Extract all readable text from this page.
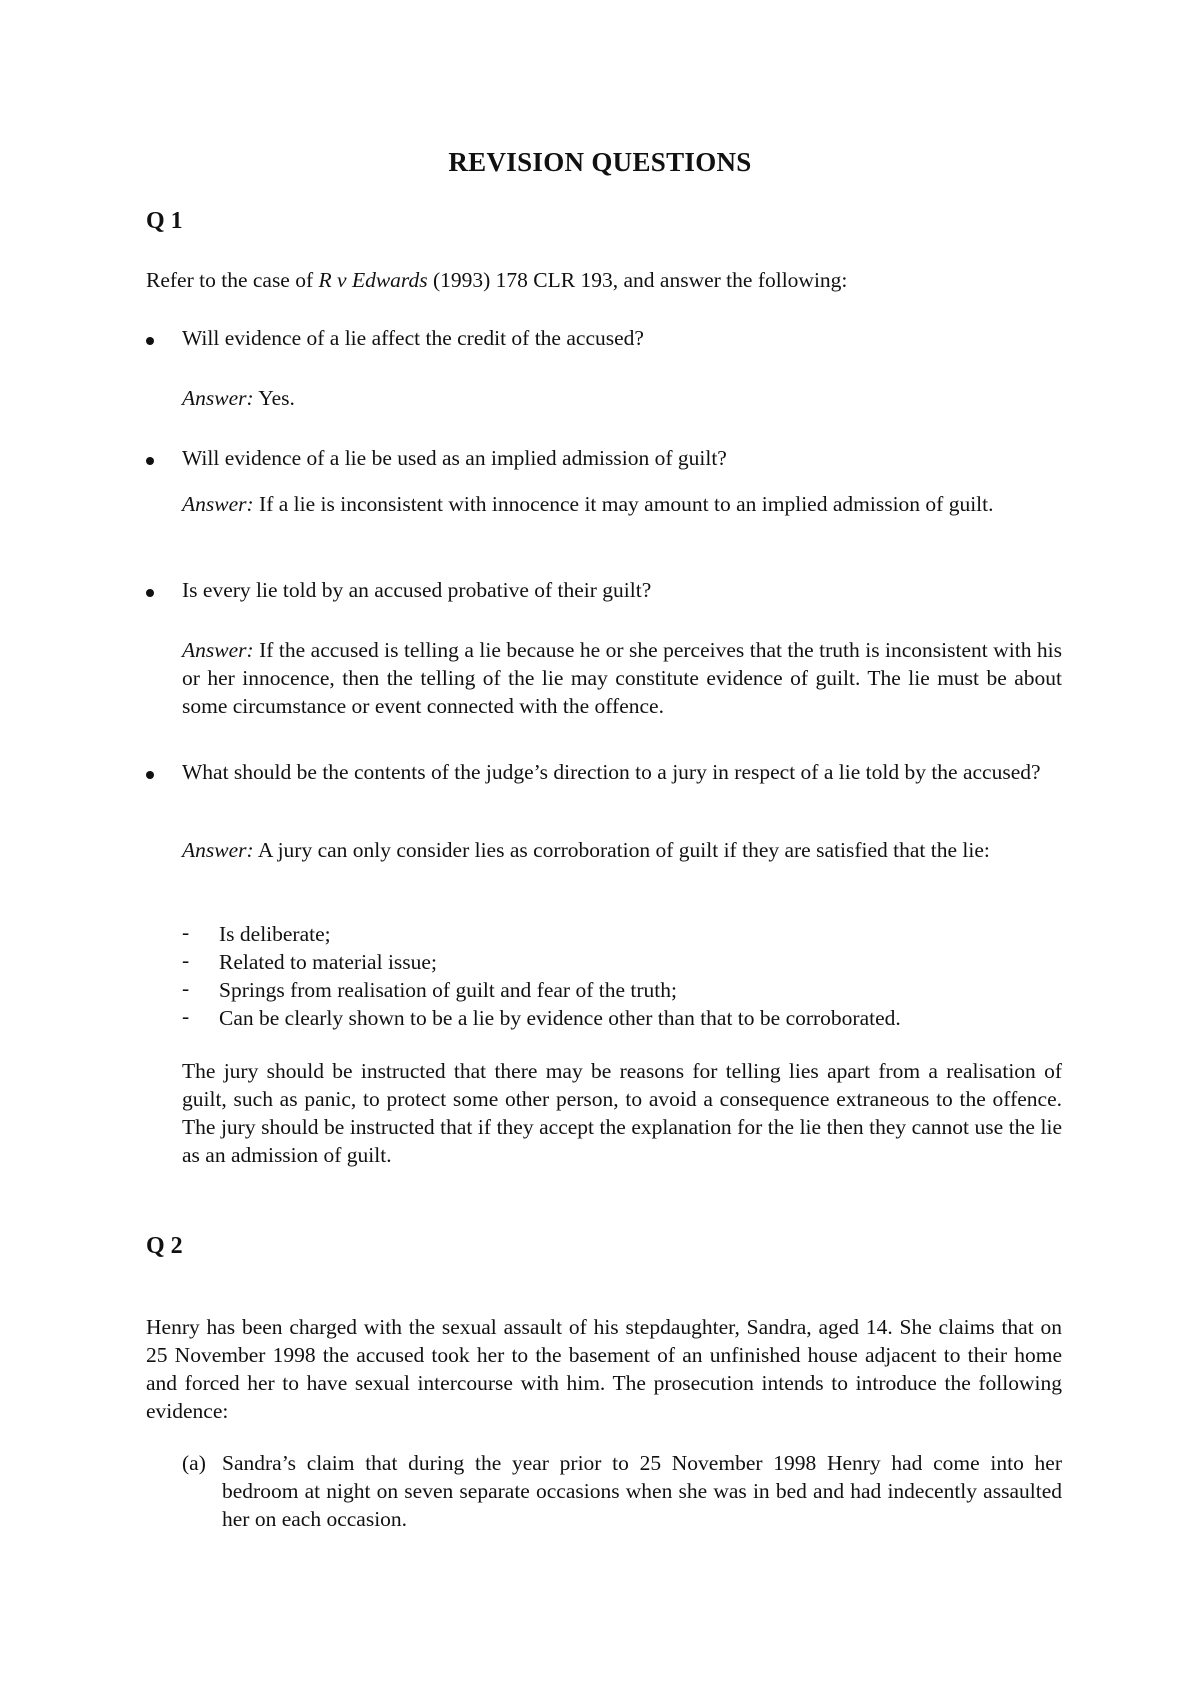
REVISION QUESTIONS
Q 1
Refer to the case of R v Edwards (1993) 178 CLR 193, and answer the following:
Will evidence of a lie affect the credit of the accused?
Answer: Yes.
Will evidence of a lie be used as an implied admission of guilt?
Answer: If a lie is inconsistent with innocence it may amount to an implied admission of guilt.
Is every lie told by an accused probative of their guilt?
Answer: If the accused is telling a lie because he or she perceives that the truth is inconsistent with his or her innocence, then the telling of the lie may constitute evidence of guilt. The lie must be about some circumstance or event connected with the offence.
What should be the contents of the judge’s direction to a jury in respect of a lie told by the accused?
Answer: A jury can only consider lies as corroboration of guilt if they are satisfied that the lie:
- Is deliberate;
- Related to material issue;
- Springs from realisation of guilt and fear of the truth;
- Can be clearly shown to be a lie by evidence other than that to be corroborated.
The jury should be instructed that there may be reasons for telling lies apart from a realisation of guilt, such as panic, to protect some other person, to avoid a consequence extraneous to the offence. The jury should be instructed that if they accept the explanation for the lie then they cannot use the lie as an admission of guilt.
Q 2
Henry has been charged with the sexual assault of his stepdaughter, Sandra, aged 14. She claims that on 25 November 1998 the accused took her to the basement of an unfinished house adjacent to their home and forced her to have sexual intercourse with him. The prosecution intends to introduce the following evidence:
(a) Sandra’s claim that during the year prior to 25 November 1998 Henry had come into her bedroom at night on seven separate occasions when she was in bed and had indecently assaulted her on each occasion.
